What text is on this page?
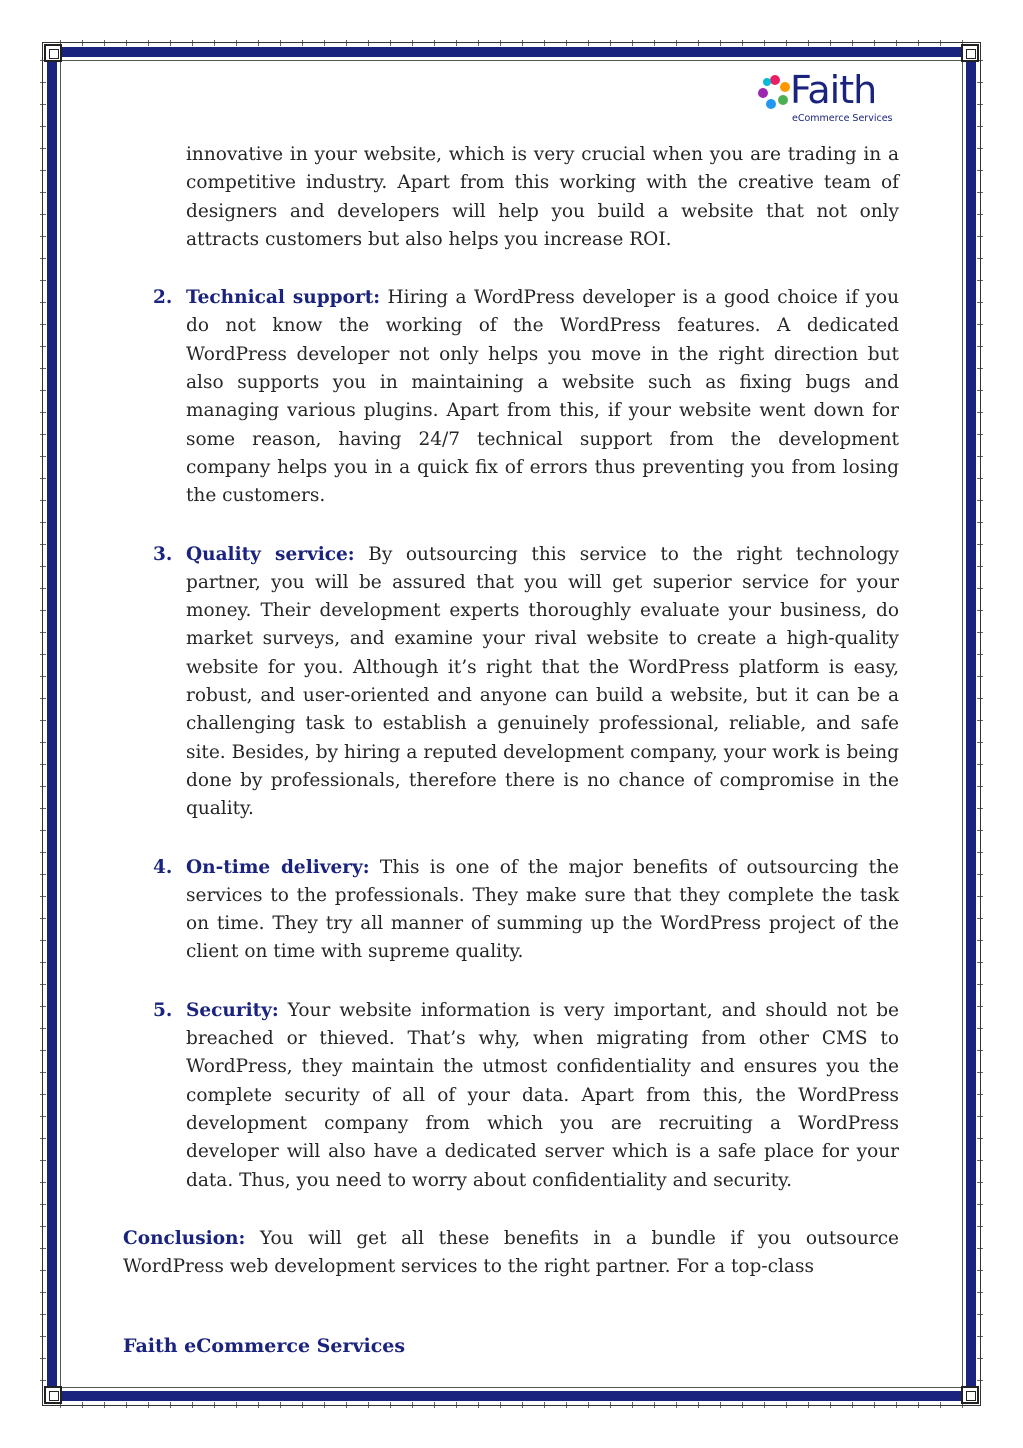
Faith
eCommerce Services

innovative in your website, which is very crucial when you are trading in a competitive industry. Apart from this working with the creative team of designers and developers will help you build a website that not only attracts customers but also helps you increase ROI.

2. Technical support: Hiring a WordPress developer is a good choice if you do not know the working of the WordPress features. A dedicated WordPress developer not only helps you move in the right direction but also supports you in maintaining a website such as fixing bugs and managing various plugins. Apart from this, if your website went down for some reason, having 24/7 technical support from the development company helps you in a quick fix of errors thus preventing you from losing the customers.
3. Quality service: By outsourcing this service to the right technology partner, you will be assured that you will get superior service for your money. Their development experts thoroughly evaluate your business, do market surveys, and examine your rival website to create a high-quality website for you. Although it’s right that the WordPress platform is easy, robust, and user-oriented and anyone can build a website, but it can be a challenging task to establish a genuinely professional, reliable, and safe site. Besides, by hiring a reputed development company, your work is being done by professionals, therefore there is no chance of compromise in the quality.
4. On-time delivery: This is one of the major benefits of outsourcing the services to the professionals. They make sure that they complete the task on time. They try all manner of summing up the WordPress project of the client on time with supreme quality.
5. Security: Your website information is very important, and should not be breached or thieved. That’s why, when migrating from other CMS to WordPress, they maintain the utmost confidentiality and ensures you the complete security of all of your data. Apart from this, the WordPress development company from which you are recruiting a WordPress developer will also have a dedicated server which is a safe place for your data. Thus, you need to worry about confidentiality and security.

Conclusion: You will get all these benefits in a bundle if you outsource WordPress web development services to the right partner. For a top-class

Faith eCommerce Services
